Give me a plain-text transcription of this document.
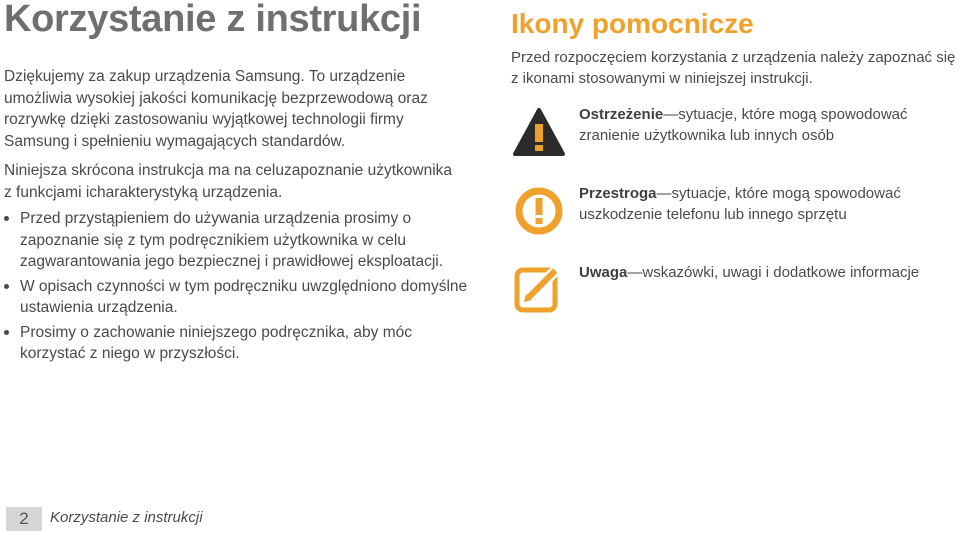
Korzystanie z instrukcji

Dziękujemy za zakup urządzenia Samsung. To urządzenie umożliwia wysokiej jakości komunikację bezprzewodową oraz rozrywkę dzięki zastosowaniu wyjątkowej technologii firmy Samsung i spełnieniu wymagających standardów.

Niniejsza skrócona instrukcja ma na celuzapoznanie użytkownika z funkcjami icharakterystyką urządzenia.

Przed przystąpieniem do używania urządzenia prosimy o zapoznanie się z tym podręcznikiem użytkownika w celu zagwarantowania jego bezpiecznej i prawidłowej eksploatacji.
W opisach czynności w tym podręczniku uwzględniono domyślne ustawienia urządzenia.
Prosimy o zachowanie niniejszego podręcznika, aby móc korzystać z niego w przyszłości.
Ikony pomocnicze

Przed rozpoczęciem korzystania z urządzenia należy zapoznać się z ikonami stosowanymi w niniejszej instrukcji.

Ostrzeżenie—sytuacje, które mogą spowodować zranienie użytkownika lub innych osób
Przestroga—sytuacje, które mogą spowodować uszkodzenie telefonu lub innego sprzętu
Uwaga—wskazówki, uwagi i dodatkowe informacje
2	Korzystanie z instrukcji
